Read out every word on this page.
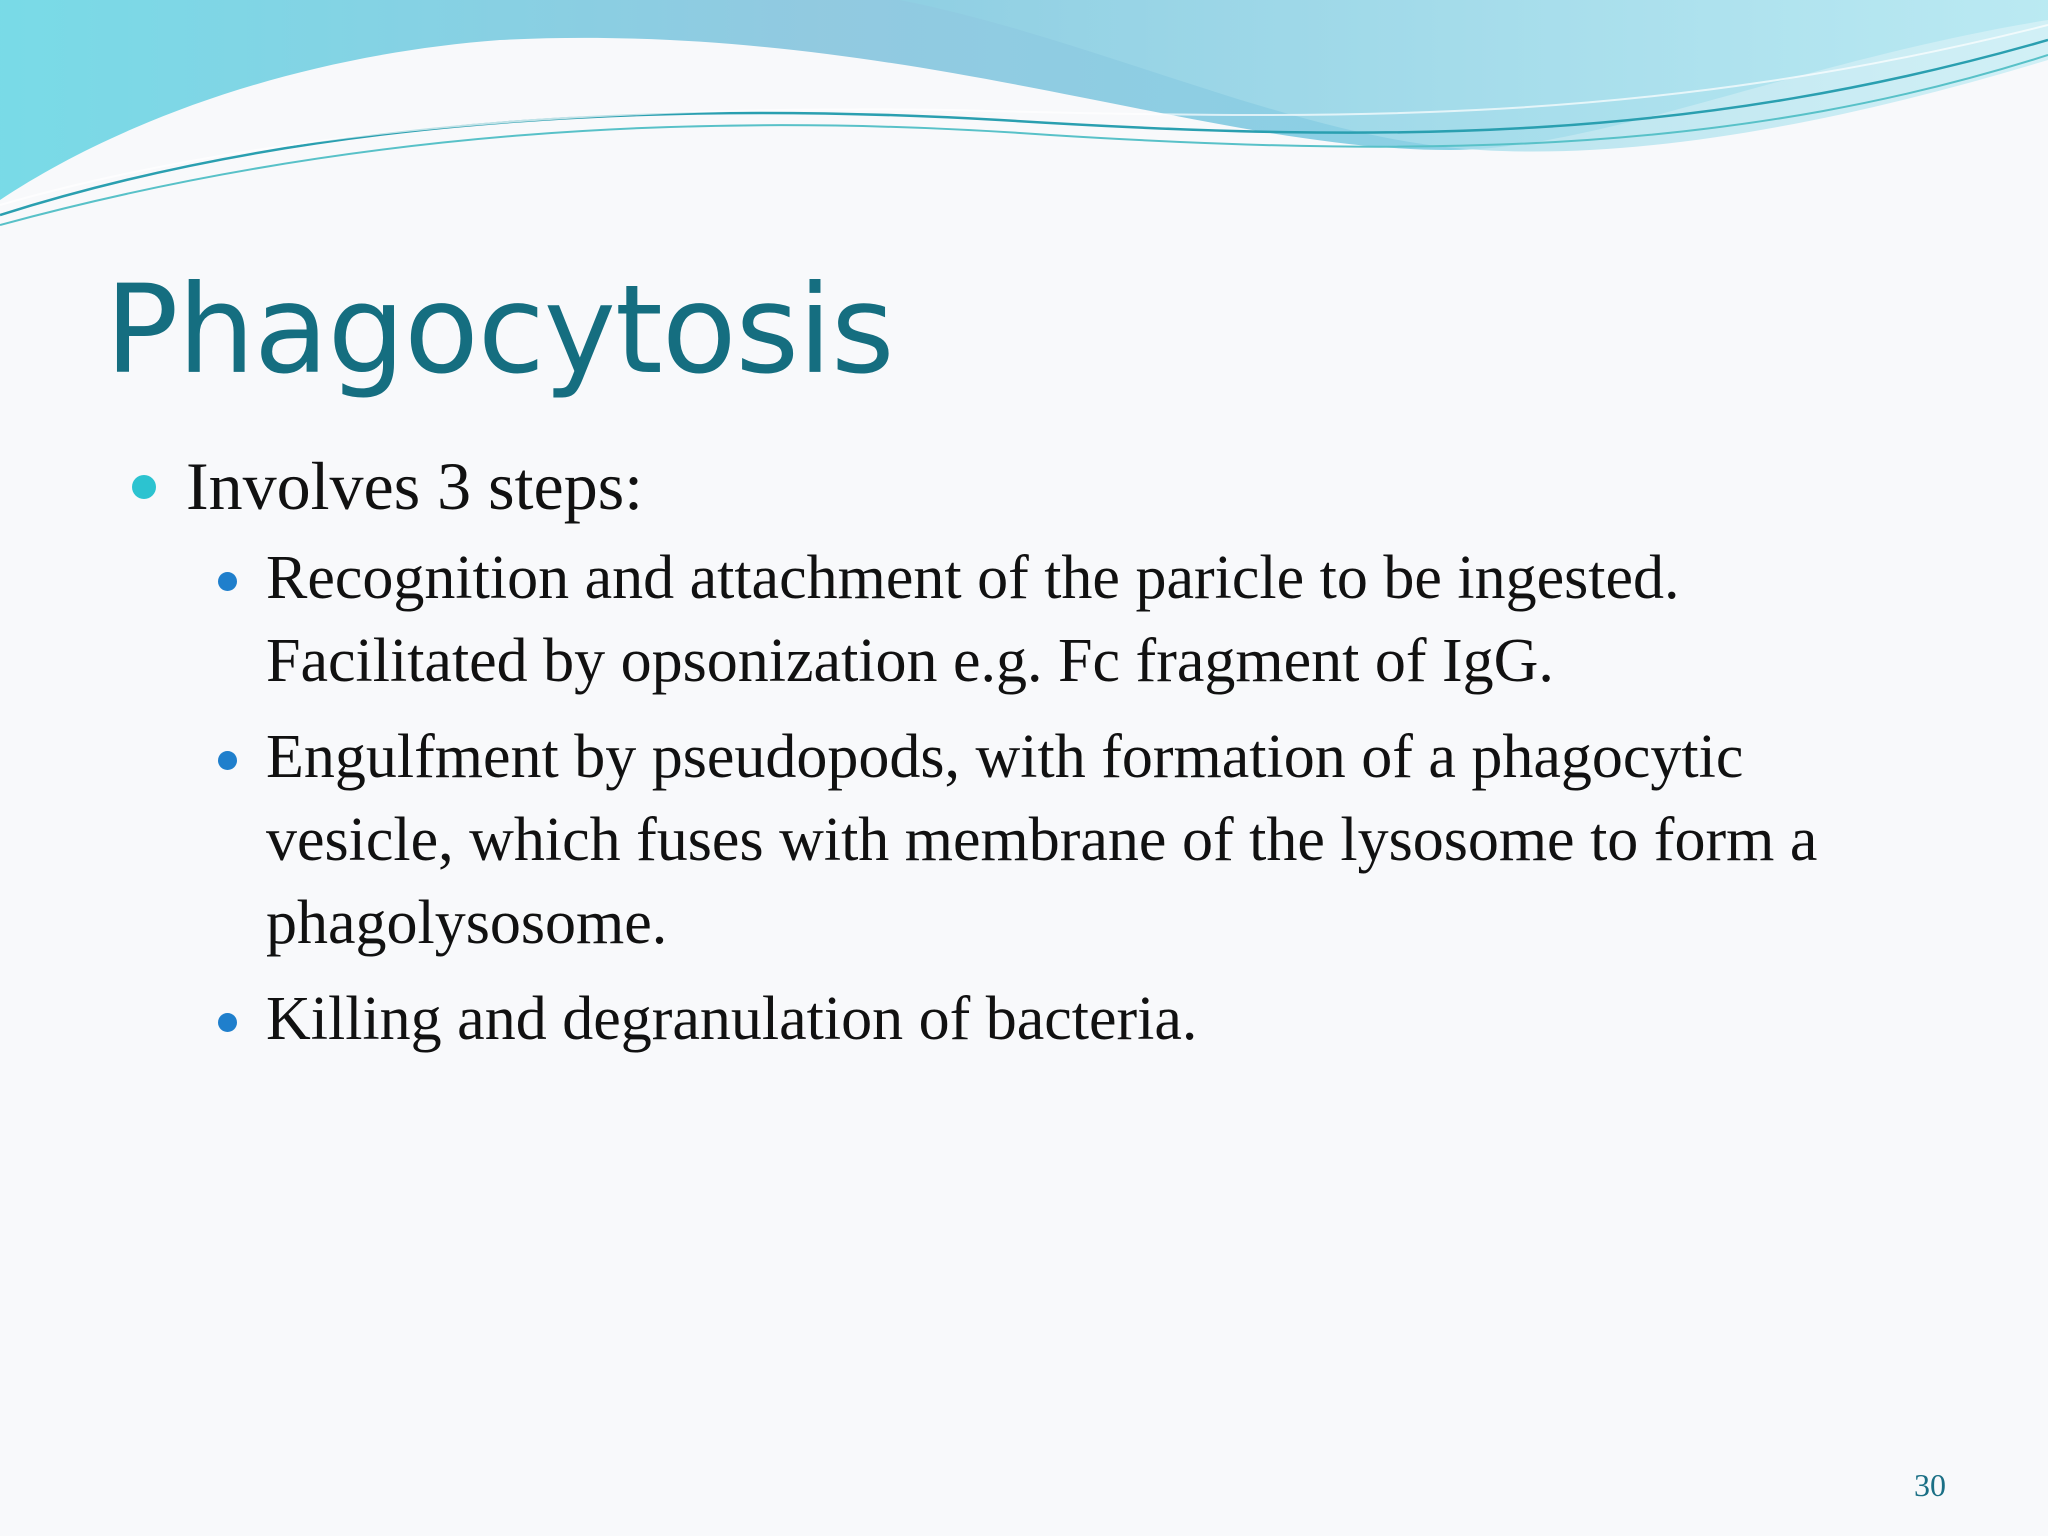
Phagocytosis
Involves 3 steps:
Recognition and attachment of the paricle to be ingested. Facilitated by opsonization e.g. Fc fragment of IgG.
Engulfment by pseudopods, with formation of a phagocytic vesicle, which fuses with membrane of the lysosome to form a phagolysosome.
Killing and degranulation of bacteria.
30
